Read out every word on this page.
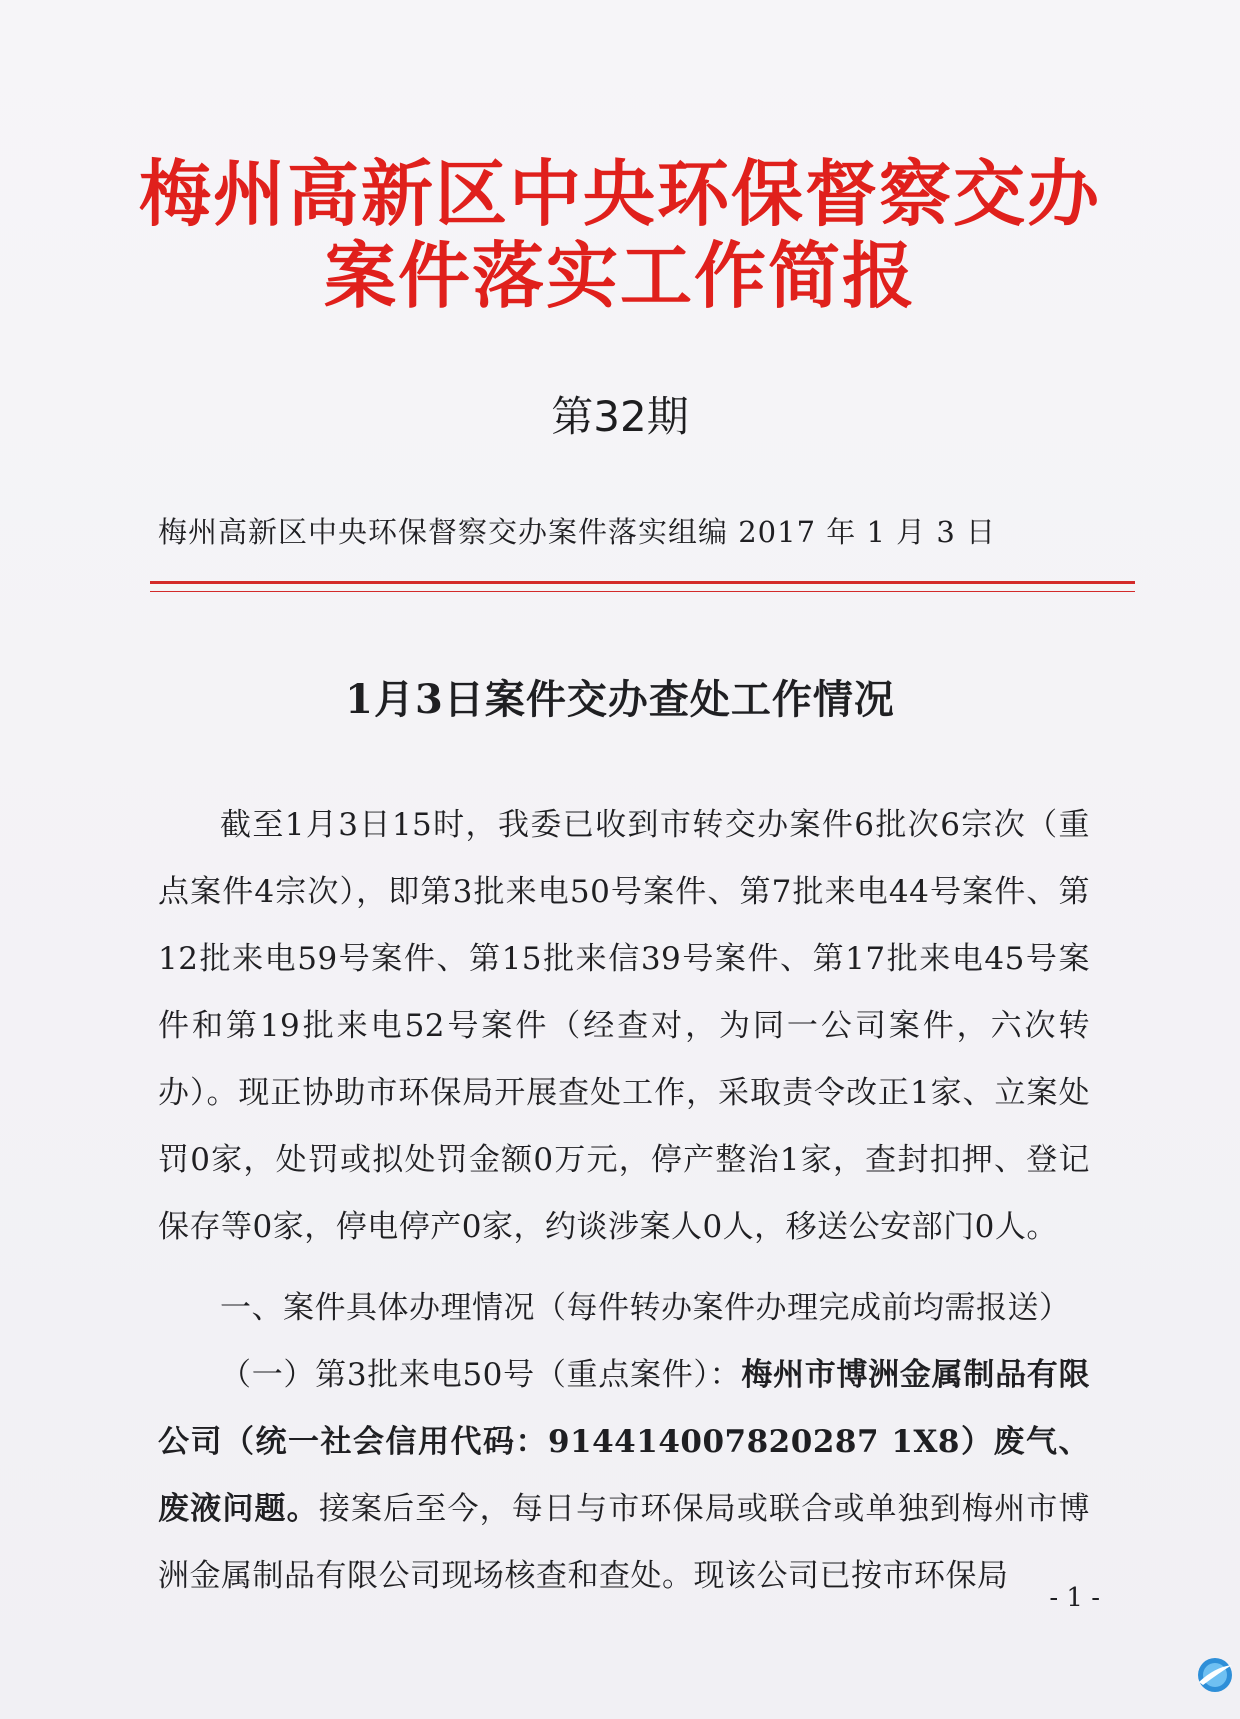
梅州高新区中央环保督察交办
案件落实工作简报
第32期
梅州高新区中央环保督察交办案件落实组编 2017 年 1 月 3 日
1月3日案件交办查处工作情况
截至1月3日15时，我委已收到市转交办案件6批次6宗次（重点案件4宗次），即第3批来电50号案件、第7批来电44号案件、第12批来电59号案件、第15批来信39号案件、第17批来电45号案件和第19批来电52号案件（经查对，为同一公司案件，六次转办）。现正协助市环保局开展查处工作，采取责令改正1家、立案处罚0家，处罚或拟处罚金额0万元，停产整治1家，查封扣押、登记保存等0家，停电停产0家，约谈涉案人0人，移送公安部门0人。
一、案件具体办理情况（每件转办案件办理完成前均需报送）
（一）第3批来电50号（重点案件）：梅州市博洲金属制品有限公司（统一社会信用代码：914414007820287 1X8）废气、废液问题。接案后至今，每日与市环保局或联合或单独到梅州市博洲金属制品有限公司现场核查和查处。现该公司已按市环保局
- 1 -
